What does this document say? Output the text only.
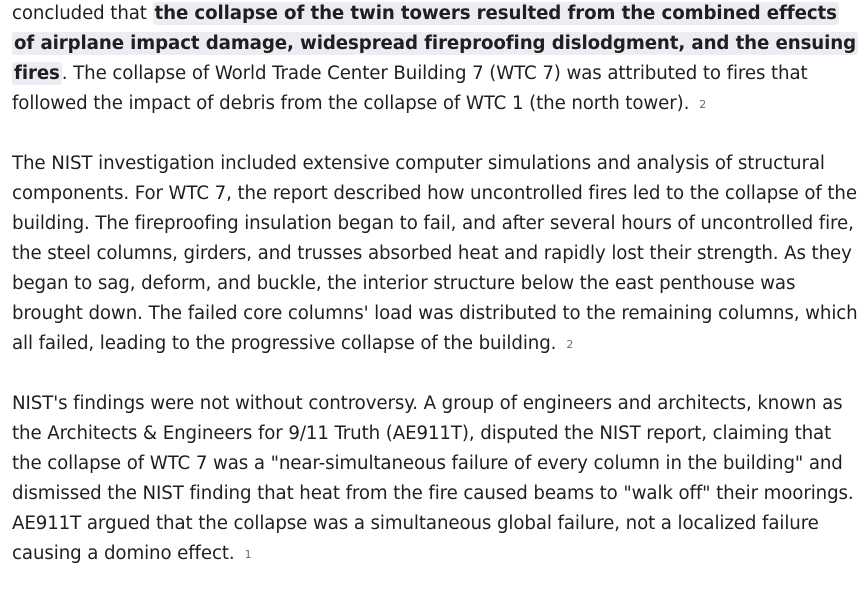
concluded that the collapse of the twin towers resulted from the combined effects of airplane impact damage, widespread fireproofing dislodgment, and the ensuing fires . The collapse of World Trade Center Building 7 (WTC 7) was attributed to fires that followed the impact of debris from the collapse of WTC 1 (the north tower). 2

The NIST investigation included extensive computer simulations and analysis of structural components. For WTC 7, the report described how uncontrolled fires led to the collapse of the building. The fireproofing insulation began to fail, and after several hours of uncontrolled fire, the steel columns, girders, and trusses absorbed heat and rapidly lost their strength. As they began to sag, deform, and buckle, the interior structure below the east penthouse was brought down. The failed core columns' load was distributed to the remaining columns, which all failed, leading to the progressive collapse of the building. 2

NIST's findings were not without controversy. A group of engineers and architects, known as the Architects & Engineers for 9/11 Truth (AE911T), disputed the NIST report, claiming that the collapse of WTC 7 was a "near-simultaneous failure of every column in the building" and dismissed the NIST finding that heat from the fire caused beams to "walk off" their moorings. AE911T argued that the collapse was a simultaneous global failure, not a localized failure causing a domino effect. 1
